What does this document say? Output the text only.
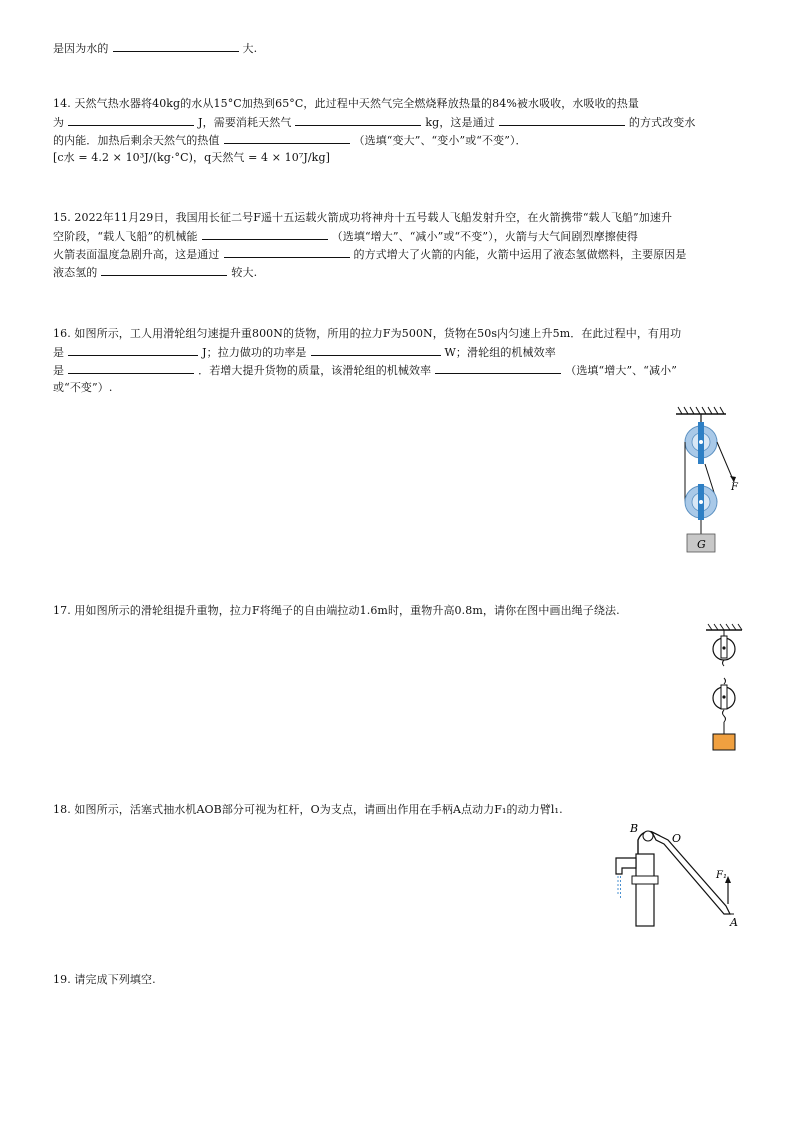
是因为水的	大.
14. 天然气热水器将40kg的水从15°C加热到65°C，此过程中天然气完全燃烧释放热量的84%被水吸收，水吸收的热量
为	J，需要消耗天然气	kg，这是通过	的方式改变水
的内能．加热后剩余天然气的热值	（选填“变大”、“变小”或“不变”）．
[c水 = 4.2 × 10³J/(kg·°C)，q天然气 = 4 × 10⁷J/kg]
15. 2022年11月29日，我国用长征二号F遥十五运载火箭成功将神舟十五号载人飞船发射升空，在火箭携带“载人飞船”加速升
空阶段，“载人飞船”的机械能	（选填“增大”、“减小”或“不变”），火箭与大气间剧烈摩擦使得
火箭表面温度急剧升高，这是通过	的方式增大了火箭的内能，火箭中运用了液态氢做燃料，主要原因是
液态氢的	较大.
16. 如图所示，工人用滑轮组匀速提升重800N的货物，所用的拉力F为500N，货物在50s内匀速上升5m．在此过程中，有用功
是	J；拉力做功的功率是	W；滑轮组的机械效率
是	．若增大提升货物的质量，该滑轮组的机械效率	（选填“增大”、“减小”
或“不变”）.
G
F
17. 用如图所示的滑轮组提升重物，拉力F将绳子的自由端拉动1.6m时，重物升高0.8m，请你在图中画出绳子绕法.
18. 如图所示，活塞式抽水机AOB部分可视为杠杆，O为支点，请画出作用在手柄A点动力F₁的动力臂l₁.
B
O
F₁
A
19. 请完成下列填空.
